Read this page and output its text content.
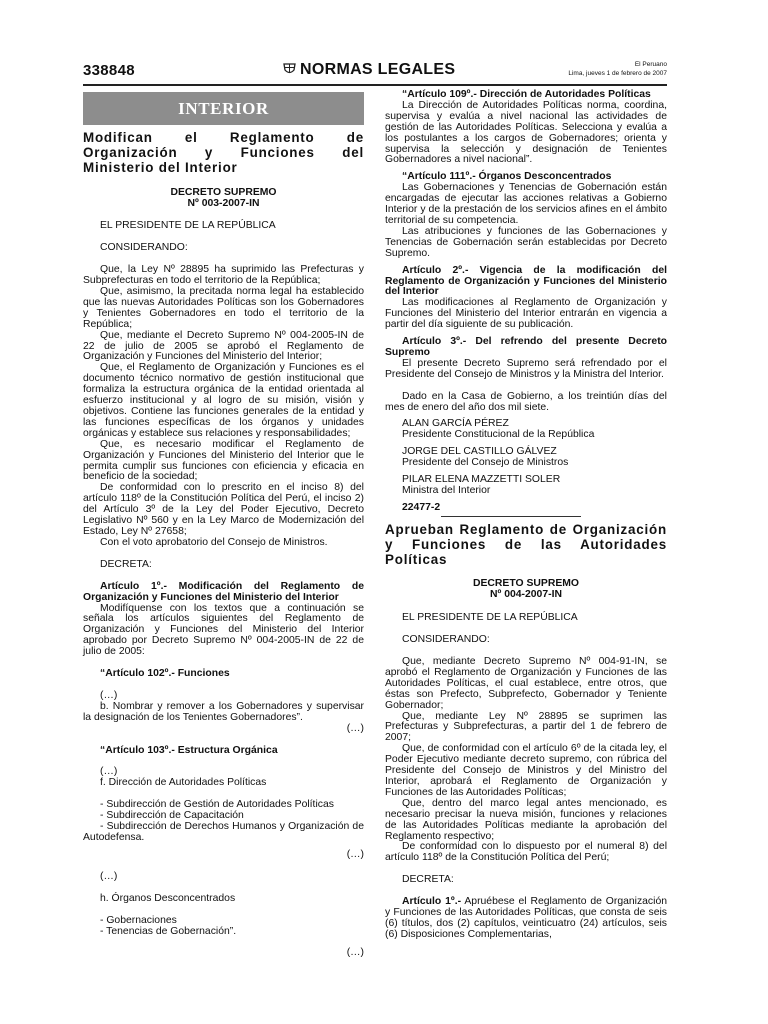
338848	NORMAS LEGALES	El Peruano
Lima, jueves 1 de febrero de 2007
INTERIOR
Modifican el Reglamento de Organización y Funciones del Ministerio del Interior
DECRETO SUPREMO
Nº 003-2007-IN

EL PRESIDENTE DE LA REPÚBLICA

CONSIDERANDO:

Que, la Ley Nº 28895 ha suprimido las Prefecturas y Subprefecturas en todo el territorio de la República;

Que, asimismo, la precitada norma legal ha establecido que las nuevas Autoridades Políticas son los Gobernadores y Tenientes Gobernadores en todo el territorio de la República;

Que, mediante el Decreto Supremo Nº 004-2005-IN de 22 de julio de 2005 se aprobó el Reglamento de Organización y Funciones del Ministerio del Interior;

Que, el Reglamento de Organización y Funciones es el documento técnico normativo de gestión institucional que formaliza la estructura orgánica de la entidad orientada al esfuerzo institucional y al logro de su misión, visión y objetivos. Contiene las funciones generales de la entidad y las funciones específicas de los órganos y unidades orgánicas y establece sus relaciones y responsabilidades;

Que, es necesario modificar el Reglamento de Organización y Funciones del Ministerio del Interior que le permita cumplir sus funciones con eficiencia y eficacia en beneficio de la sociedad;

De conformidad con lo prescrito en el inciso 8) del artículo 118º de la Constitución Política del Perú, el inciso 2) del Artículo 3º de la Ley del Poder Ejecutivo, Decreto Legislativo Nº 560 y en la Ley Marco de Modernización del Estado, Ley Nº 27658;

Con el voto aprobatorio del Consejo de Ministros.

DECRETA:

Artículo 1º.- Modificación del Reglamento de Organización y Funciones del Ministerio del Interior

Modifíquense con los textos que a continuación se señala los artículos siguientes del Reglamento de Organización y Funciones del Ministerio del Interior aprobado por Decreto Supremo Nº 004-2005-IN de 22 de julio de 2005:

“Artículo 102º.- Funciones

(…)

b. Nombrar y remover a los Gobernadores y supervisar la designación de los Tenientes Gobernadores”.

(…)

“Artículo 103º.- Estructura Orgánica

(…)

f. Dirección de Autoridades Políticas

- Subdirección de Gestión de Autoridades Políticas

- Subdirección de Capacitación

- Subdirección de Derechos Humanos y Organización de Autodefensa.

(…)

(…)

h. Órganos Desconcentrados

- Gobernaciones

- Tenencias de Gobernación”.

(…)

“Artículo 109º.- Dirección de Autoridades Políticas

La Dirección de Autoridades Políticas norma, coordina, supervisa y evalúa a nivel nacional las actividades de gestión de las Autoridades Políticas. Selecciona y evalúa a los postulantes a los cargos de Gobernadores; orienta y supervisa la selección y designación de Tenientes Gobernadores a nivel nacional”.

“Artículo 111º.- Órganos Desconcentrados

Las Gobernaciones y Tenencias de Gobernación están encargadas de ejecutar las acciones relativas a Gobierno Interior y de la prestación de los servicios afines en el ámbito territorial de su competencia.

Las atribuciones y funciones de las Gobernaciones y Tenencias de Gobernación serán establecidas por Decreto Supremo.

Artículo 2º.- Vigencia de la modificación del Reglamento de Organización y Funciones del Ministerio del Interior

Las modificaciones al Reglamento de Organización y Funciones del Ministerio del Interior entrarán en vigencia a partir del día siguiente de su publicación.

Artículo 3º.- Del refrendo del presente Decreto Supremo

El presente Decreto Supremo será refrendado por el Presidente del Consejo de Ministros y la Ministra del Interior.

Dado en la Casa de Gobierno, a los treintiún días del mes de enero del año dos mil siete.

ALAN GARCÍA PÉREZ

Presidente Constitucional de la República

JORGE DEL CASTILLO GÁLVEZ

Presidente del Consejo de Ministros

PILAR ELENA MAZZETTI SOLER

Ministra del Interior

22477-2

Aprueban Reglamento de Organización y Funciones de las Autoridades Políticas
DECRETO SUPREMO
Nº 004-2007-IN

EL PRESIDENTE DE LA REPÚBLICA

CONSIDERANDO:

Que, mediante Decreto Supremo Nº 004-91-IN, se aprobó el Reglamento de Organización y Funciones de las Autoridades Políticas, el cual establece, entre otros, que éstas son Prefecto, Subprefecto, Gobernador y Teniente Gobernador;

Que, mediante Ley Nº 28895 se suprimen las Prefecturas y Subprefecturas, a partir del 1 de febrero de 2007;

Que, de conformidad con el artículo 6º de la citada ley, el Poder Ejecutivo mediante decreto supremo, con rúbrica del Presidente del Consejo de Ministros y del Ministro del Interior, aprobará el Reglamento de Organización y Funciones de las Autoridades Políticas;

Que, dentro del marco legal antes mencionado, es necesario precisar la nueva misión, funciones y relaciones de las Autoridades Políticas mediante la aprobación del Reglamento respectivo;

De conformidad con lo dispuesto por el numeral 8) del artículo 118º de la Constitución Política del Perú;

DECRETA:

Artículo 1º.- Apruébese el Reglamento de Organización y Funciones de las Autoridades Políticas, que consta de seis (6) títulos, dos (2) capítulos, veinticuatro (24) artículos, seis (6) Disposiciones Complementarias,
